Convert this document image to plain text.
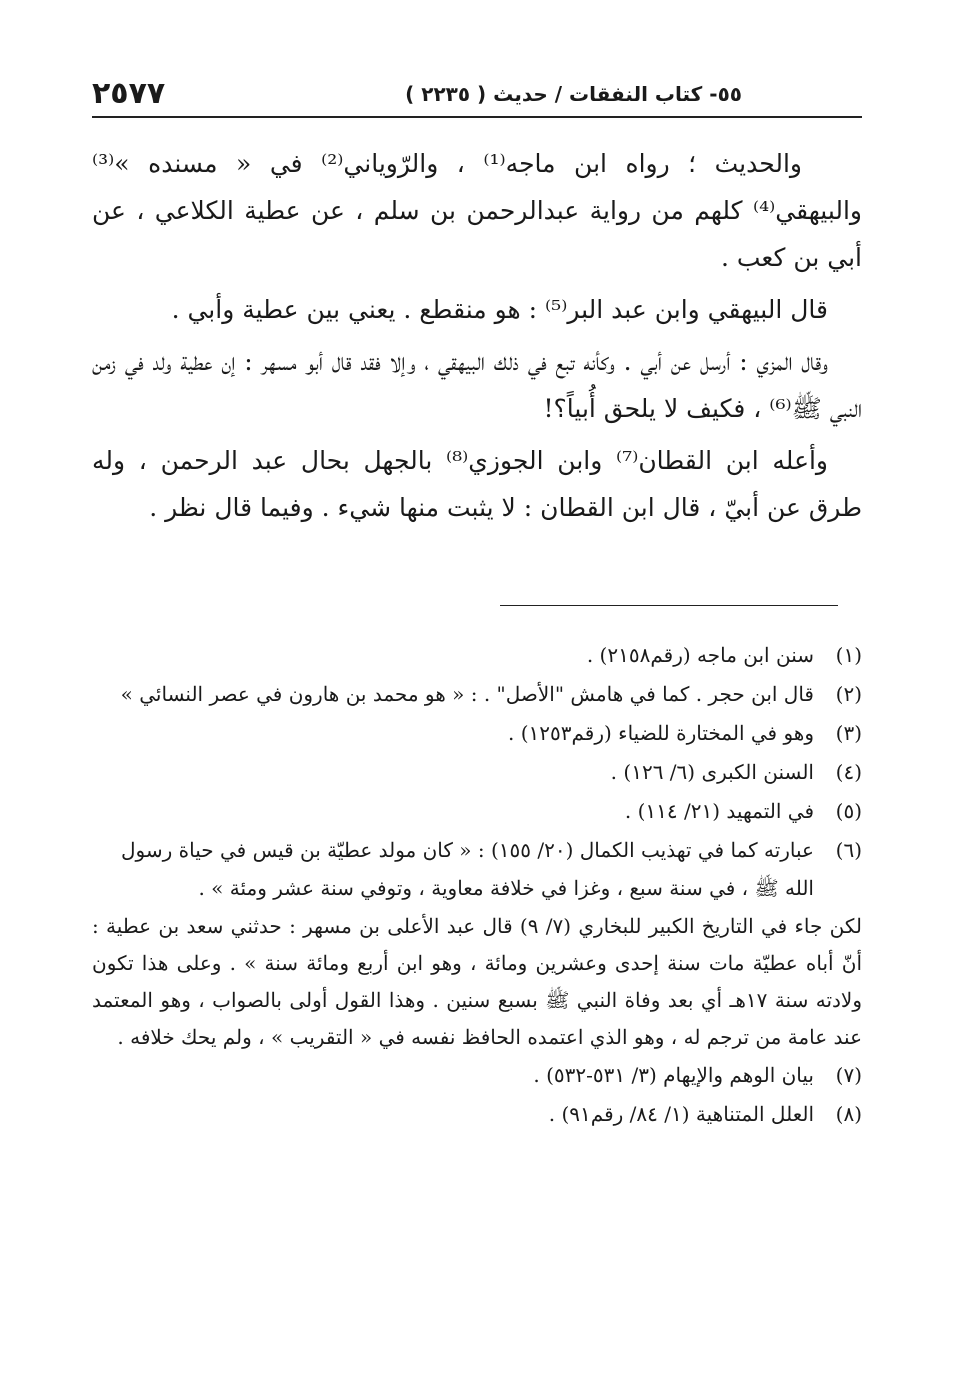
٢٥٧٧	٥٥- كتاب النفقات / حديث ( ٢٢٣٥ )

والحديث ؛ رواه ابن ماجه⁽¹⁾ ، والرّوياني⁽²⁾ في « مسنده »⁽³⁾ والبيهقي⁽⁴⁾ كلهم من رواية عبدالرحمن بن سلم ، عن عطية الكلاعي ، عن أبي بن كعب .

قال البيهقي وابن عبد البر⁽⁵⁾ : هو منقطع . يعني بين عطية وأبي .

وقال المزي : أرسل عن أبي . وكأنه تبع في ذلك البيهقي ، وإلا فقد قال أبو مسهر : إن عطية ولد في زمن النبي ﷺ⁽⁶⁾ ، فكيف لا يلحق أُبياً؟!

وأعله ابن القطان⁽⁷⁾ وابن الجوزي⁽⁸⁾ بالجهل بحال عبد الرحمن ، وله طرق عن أبيّ ، قال ابن القطان : لا يثبت منها شيء . وفيما قال نظر .

(١)
سنن ابن ماجه (رقم٢١٥٨) .
(٢)
قال ابن حجر . كما في هامش "الأصل" . : « هو محمد بن هارون في عصر النسائي »
(٣)
وهو في المختارة للضياء (رقم١٢٥٣) .
(٤)
السنن الكبرى (٦/ ١٢٦) .
(٥)
في التمهيد (٢١/ ١١٤) .
(٦)
عبارته كما في تهذيب الكمال (٢٠/ ١٥٥) : « كان مولد عطيّة بن قيس في حياة رسول الله ﷺ ، في سنة سبع ، وغزا في خلافة معاوية ، وتوفي سنة عشر ومئة » .

لكن جاء في التاريخ الكبير للبخاري (٧/ ٩) قال عبد الأعلى بن مسهر : حدثني سعد بن عطية : أنّ أباه عطيّة مات سنة إحدى وعشرين ومائة ، وهو ابن أربع ومائة سنة » . وعلى هذا تكون ولادته سنة ١٧هـ أي بعد وفاة النبي ﷺ بسبع سنين . وهذا القول أولى بالصواب ، وهو المعتمد عند عامة من ترجم له ، وهو الذي اعتمده الحافظ نفسه في « التقريب » ، ولم يحك خلافه .

(٧)
بيان الوهم والإيهام (٣/ ٥٣١-٥٣٢) .
(٨)
العلل المتناهية (١/ ٨٤/ رقم٩١) .
